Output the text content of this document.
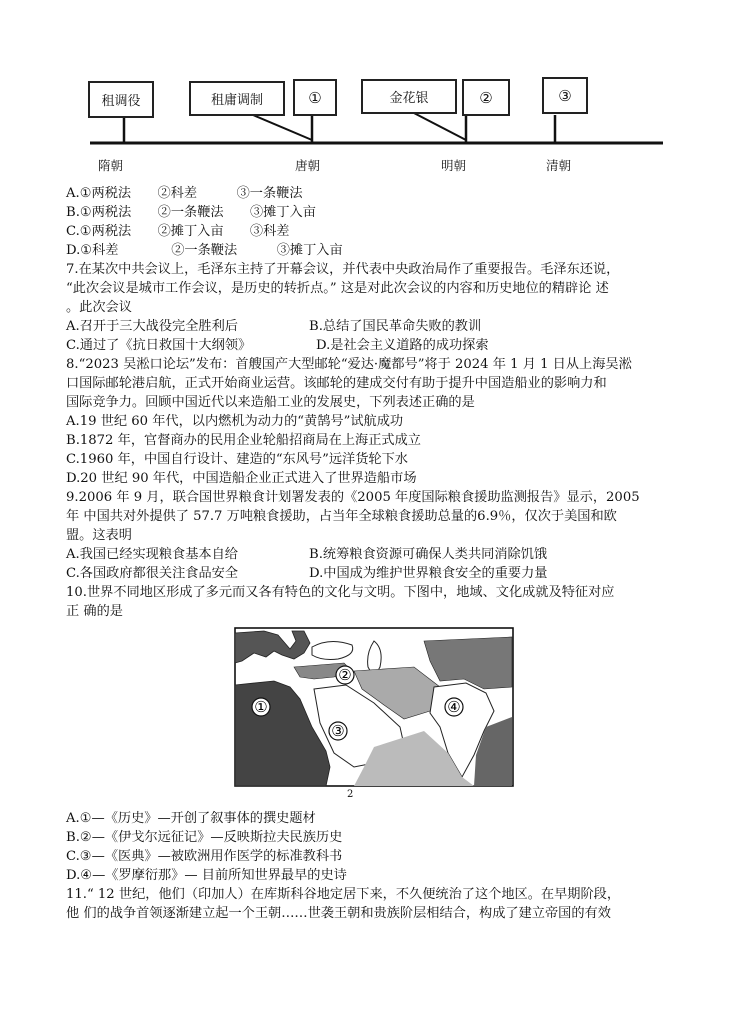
租调役	租庸调制	①	金花银	②	③
隋朝	唐朝	明朝	清朝
A.①两税法　　②科差　　　③一条鞭法
B.①两税法　　②一条鞭法　　③摊丁入亩
C.①两税法　　②摊丁入亩　　③科差
D.①科差　　　　②一条鞭法　　　③摊丁入亩
7.在某次中共会议上，毛泽东主持了开幕会议，并代表中央政治局作了重要报告。毛泽东还说，
“此次会议是城市工作会议，是历史的转折点。” 这是对此次会议的内容和历史地位的精辟论 述
。此次会议
A.召开于三大战役完全胜利后	B.总结了国民革命失败的教训
C.通过了《抗日救国十大纲领》	D.是社会主义道路的成功探索
8.“2023 吴淞口论坛”发布：首艘国产大型邮轮“爱达·魔都号”将于 2024 年 1 月 1 日从上海吴淞
口国际邮轮港启航，正式开始商业运营。该邮轮的建成交付有助于提升中国造船业的影响力和
国际竞争力。回顾中国近代以来造船工业的发展史，下列表述正确的是
A.19 世纪 60 年代，以内燃机为动力的“黄鹄号”试航成功
B.1872 年，官督商办的民用企业轮船招商局在上海正式成立
C.1960 年，中国自行设计、建造的“东风号”远洋货轮下水
D.20 世纪 90 年代，中国造船企业正式进入了世界造船市场
9.2006 年 9 月，联合国世界粮食计划署发表的《2005 年度国际粮食援助监测报告》显示，2005
年 中国共对外提供了 57.7 万吨粮食援助，占当年全球粮食援助总量的6.9％，仅次于美国和欧
盟。这表明
A.我国已经实现粮食基本自给	B.统筹粮食资源可确保人类共同消除饥饿
C.各国政府都很关注食品安全	D.中国成为维护世界粮食安全的重要力量
10.世界不同地区形成了多元而又各有特色的文化与文明。下图中，地域、文化成就及特征对应
正 确的是
①
②
③
④
2
A.①—《历史》—开创了叙事体的撰史题材
B.②—《伊戈尔远征记》—反映斯拉夫民族历史
C.③—《医典》—被欧洲用作医学的标准教科书
D.④—《罗摩衍那》— 目前所知世界最早的史诗
11.“ 12 世纪，他们（印加人）在库斯科谷地定居下来，不久便统治了这个地区。在早期阶段，
他 们的战争首领逐渐建立起一个王朝……世袭王朝和贵族阶层相结合，构成了建立帝国的有效
